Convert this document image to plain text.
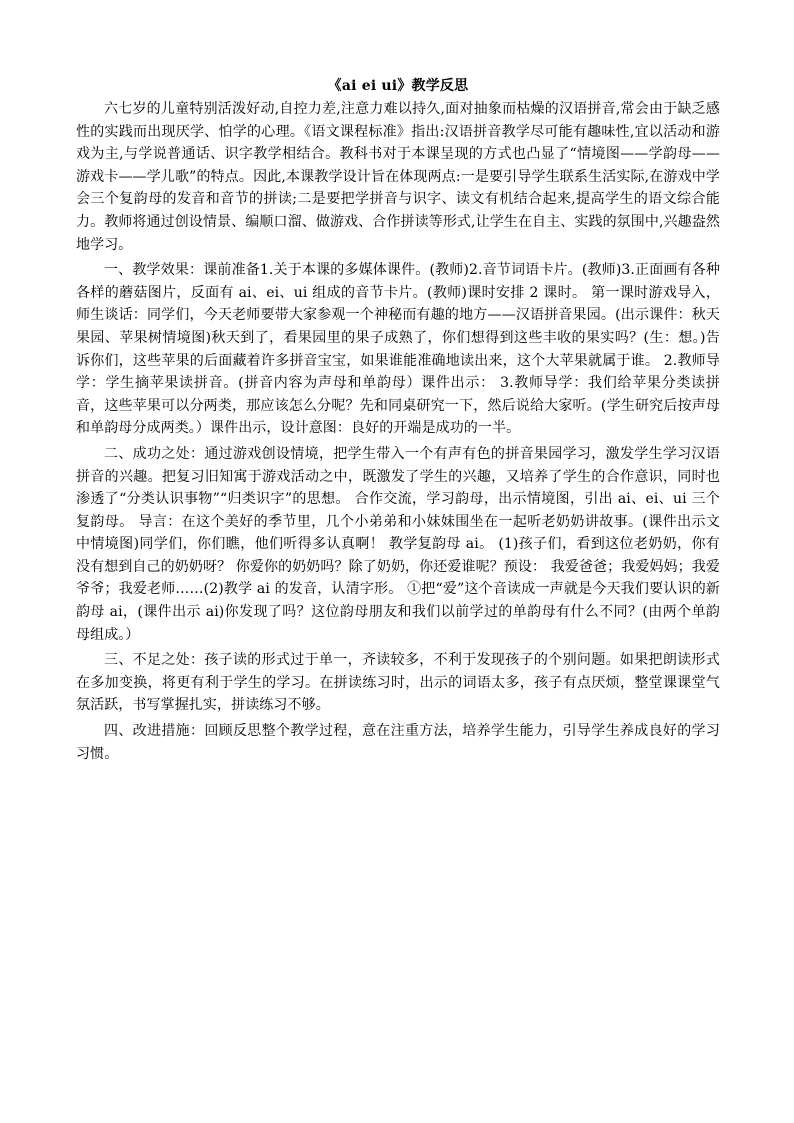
《ai ei ui》教学反思

六七岁的儿童特别活泼好动,自控力差,注意力难以持久,面对抽象而枯燥的汉语拼音,常会由于缺乏感性的实践而出现厌学、怕学的心理。《语文课程标准》指出:汉语拼音教学尽可能有趣味性,宜以活动和游戏为主,与学说普通话、识字教学相结合。教科书对于本课呈现的方式也凸显了“情境图——学韵母——游戏卡——学儿歌”的特点。因此,本课教学设计旨在体现两点:一是要引导学生联系生活实际,在游戏中学会三个复韵母的发音和音节的拼读;二是要把学拼音与识字、读文有机结合起来,提高学生的语文综合能力。教师将通过创设情景、编顺口溜、做游戏、合作拼读等形式,让学生在自主、实践的氛围中,兴趣盎然地学习。

一、教学效果：课前准备1.关于本课的多媒体课件。(教师)2.音节词语卡片。(教师)3.正面画有各种各样的蘑菇图片，反面有 ai、ei、ui 组成的音节卡片。(教师)课时安排 2 课时。 第一课时游戏导入，师生谈话：同学们，今天老师要带大家参观一个神秘而有趣的地方——汉语拼音果园。(出示课件：秋天果园、苹果树情境图)秋天到了，看果园里的果子成熟了，你们想得到这些丰收的果实吗？(生：想。)告诉你们，这些苹果的后面藏着许多拼音宝宝，如果谁能准确地读出来，这个大苹果就属于谁。 2.教师导学：学生摘苹果读拼音。(拼音内容为声母和单韵母）课件出示： 3.教师导学：我们给苹果分类读拼音，这些苹果可以分两类，那应该怎么分呢？先和同桌研究一下，然后说给大家听。(学生研究后按声母和单韵母分成两类。）课件出示，设计意图：良好的开端是成功的一半。

二、成功之处：通过游戏创设情境，把学生带入一个有声有色的拼音果园学习，激发学生学习汉语拼音的兴趣。把复习旧知寓于游戏活动之中，既激发了学生的兴趣，又培养了学生的合作意识，同时也渗透了“分类认识事物”“归类识字”的思想。 合作交流，学习韵母，出示情境图，引出 ai、ei、ui 三个复韵母。 导言：在这个美好的季节里，几个小弟弟和小妹妹围坐在一起听老奶奶讲故事。(课件出示文中情境图)同学们，你们瞧，他们听得多认真啊！ 教学复韵母 ai。 (1)孩子们，看到这位老奶奶，你有没有想到自己的奶奶呀？ 你爱你的奶奶吗？除了奶奶，你还爱谁呢？预设： 我爱爸爸；我爱妈妈；我爱爷爷；我爱老师……(2)教学 ai 的发音，认清字形。 ①把“爱”这个音读成一声就是今天我们要认识的新韵母 ai，(课件出示 ai)你发现了吗？这位韵母朋友和我们以前学过的单韵母有什么不同？(由两个单韵母组成。）

三、不足之处：孩子读的形式过于单一，齐读较多，不利于发现孩子的个别问题。如果把朗读形式在多加变换，将更有利于学生的学习。在拼读练习时，出示的词语太多，孩子有点厌烦，整堂课课堂气氛活跃，书写掌握扎实，拼读练习不够。

四、改进措施：回顾反思整个教学过程，意在注重方法，培养学生能力，引导学生养成良好的学习习惯。
